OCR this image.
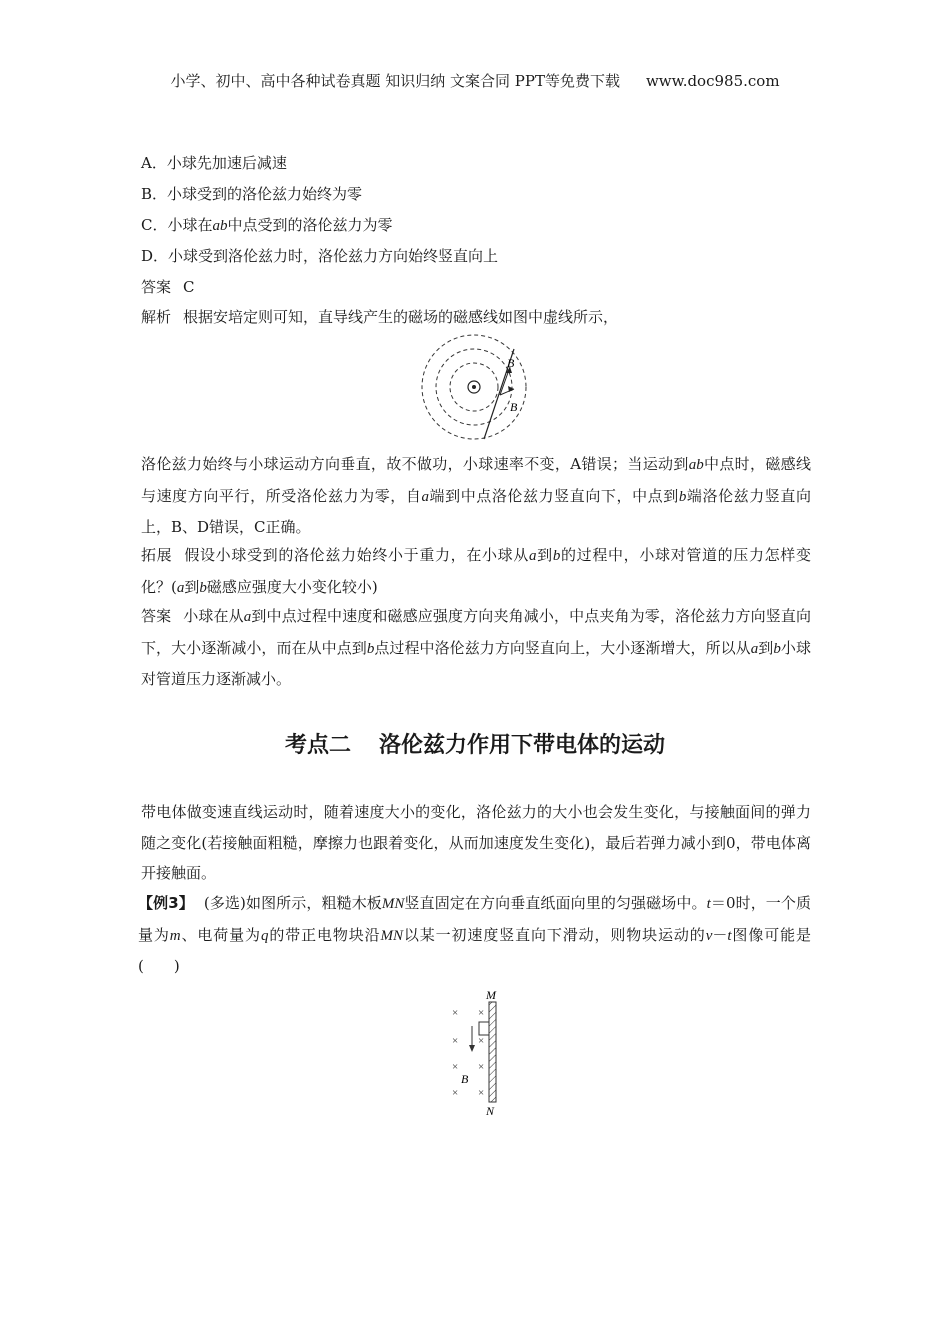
小学、初中、高中各种试卷真题 知识归纳 文案合同 PPT等免费下载 www.doc985.com
A．小球先加速后减速
B．小球受到的洛伦兹力始终为零
C．小球在ab中点受到的洛伦兹力为零
D．小球受到洛伦兹力时，洛伦兹力方向始终竖直向上
答案 C
解析 根据安培定则可知，直导线产生的磁场的磁感线如图中虚线所示，
B
B
洛伦兹力始终与小球运动方向垂直，故不做功，小球速率不变，A错误；当运动到ab中点时，磁感线与速度方向平行，所受洛伦兹力为零，自a端到中点洛伦兹力竖直向下，中点到b端洛伦兹力竖直向上，B、D错误，C正确。
拓展 假设小球受到的洛伦兹力始终小于重力，在小球从a到b的过程中，小球对管道的压力怎样变化？(a到b磁感应强度大小变化较小)
答案 小球在从a到中点过程中速度和磁感应强度方向夹角减小，中点夹角为零，洛伦兹力方向竖直向下，大小逐渐减小，而在从中点到b点过程中洛伦兹力方向竖直向上，大小逐渐增大，所以从a到b小球对管道压力逐渐减小。
考点二 洛伦兹力作用下带电体的运动
带电体做变速直线运动时，随着速度大小的变化，洛伦兹力的大小也会发生变化，与接触面间的弹力随之变化(若接触面粗糙，摩擦力也跟着变化，从而加速度发生变化)，最后若弹力减小到0，带电体离开接触面。
【例3】 (多选)如图所示，粗糙木板MN竖直固定在方向垂直纸面向里的匀强磁场中。t＝0时，一个质量为m、电荷量为q的带正电物块沿MN以某一初速度竖直向下滑动，则物块运动的v－t图像可能是(　　)
× ×
× ×
× ×
× ×
M
N
B
